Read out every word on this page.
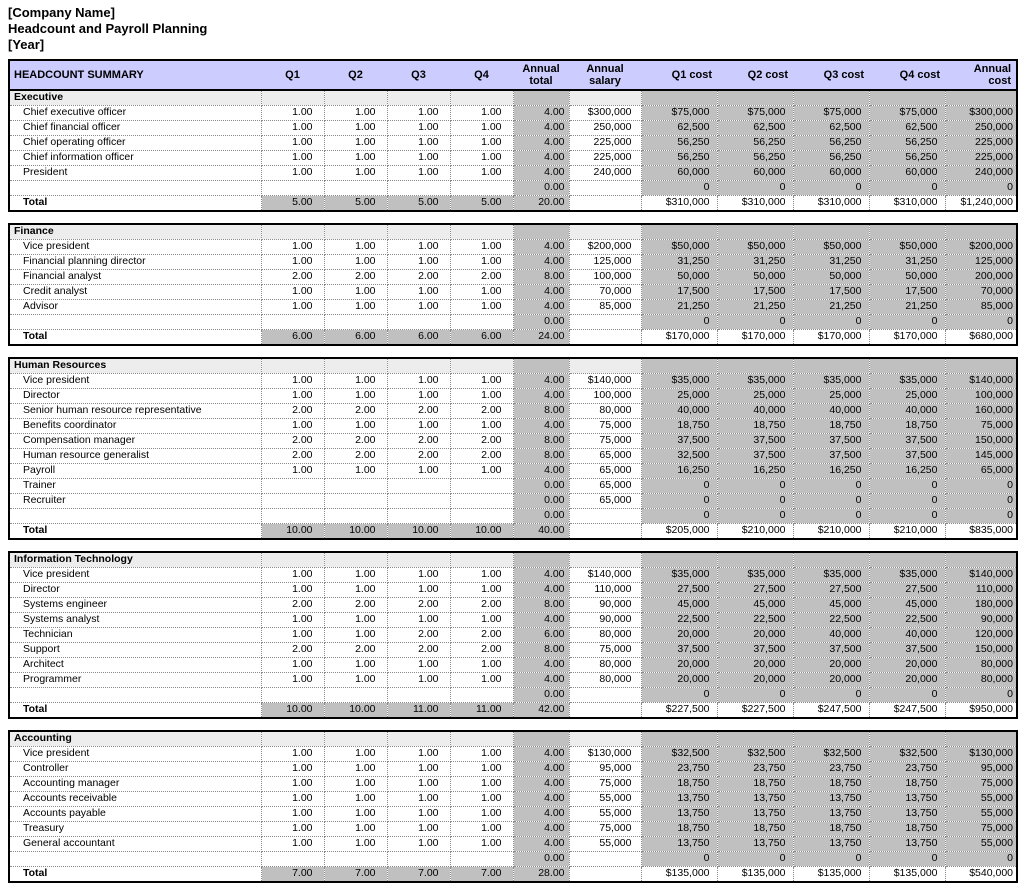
[Company Name]
Headcount and Payroll Planning
[Year]
HEADCOUNT SUMMARY	Q1	Q2	Q3	Q4	Annual total	Annual salary	Q1 cost	Q2 cost	Q3 cost	Q4 cost	Annual cost
Executive											
Chief executive officer	1.00	1.00	1.00	1.00	4.00	$300,000	$75,000	$75,000	$75,000	$75,000	$300,000
Chief financial officer	1.00	1.00	1.00	1.00	4.00	250,000	62,500	62,500	62,500	62,500	250,000
Chief operating officer	1.00	1.00	1.00	1.00	4.00	225,000	56,250	56,250	56,250	56,250	225,000
Chief information officer	1.00	1.00	1.00	1.00	4.00	225,000	56,250	56,250	56,250	56,250	225,000
President	1.00	1.00	1.00	1.00	4.00	240,000	60,000	60,000	60,000	60,000	240,000
					0.00		0	0	0	0	0
Total	5.00	5.00	5.00	5.00	20.00		$310,000	$310,000	$310,000	$310,000	$1,240,000

Finance											
Vice president	1.00	1.00	1.00	1.00	4.00	$200,000	$50,000	$50,000	$50,000	$50,000	$200,000
Financial planning director	1.00	1.00	1.00	1.00	4.00	125,000	31,250	31,250	31,250	31,250	125,000
Financial analyst	2.00	2.00	2.00	2.00	8.00	100,000	50,000	50,000	50,000	50,000	200,000
Credit analyst	1.00	1.00	1.00	1.00	4.00	70,000	17,500	17,500	17,500	17,500	70,000
Advisor	1.00	1.00	1.00	1.00	4.00	85,000	21,250	21,250	21,250	21,250	85,000
					0.00		0	0	0	0	0
Total	6.00	6.00	6.00	6.00	24.00		$170,000	$170,000	$170,000	$170,000	$680,000

Human Resources											
Vice president	1.00	1.00	1.00	1.00	4.00	$140,000	$35,000	$35,000	$35,000	$35,000	$140,000
Director	1.00	1.00	1.00	1.00	4.00	100,000	25,000	25,000	25,000	25,000	100,000
Senior human resource representative	2.00	2.00	2.00	2.00	8.00	80,000	40,000	40,000	40,000	40,000	160,000
Benefits coordinator	1.00	1.00	1.00	1.00	4.00	75,000	18,750	18,750	18,750	18,750	75,000
Compensation manager	2.00	2.00	2.00	2.00	8.00	75,000	37,500	37,500	37,500	37,500	150,000
Human resource generalist	2.00	2.00	2.00	2.00	8.00	65,000	32,500	37,500	37,500	37,500	145,000
Payroll	1.00	1.00	1.00	1.00	4.00	65,000	16,250	16,250	16,250	16,250	65,000
Trainer					0.00	65,000	0	0	0	0	0
Recruiter					0.00	65,000	0	0	0	0	0
					0.00		0	0	0	0	0
Total	10.00	10.00	10.00	10.00	40.00		$205,000	$210,000	$210,000	$210,000	$835,000

Information Technology											
Vice president	1.00	1.00	1.00	1.00	4.00	$140,000	$35,000	$35,000	$35,000	$35,000	$140,000
Director	1.00	1.00	1.00	1.00	4.00	110,000	27,500	27,500	27,500	27,500	110,000
Systems engineer	2.00	2.00	2.00	2.00	8.00	90,000	45,000	45,000	45,000	45,000	180,000
Systems analyst	1.00	1.00	1.00	1.00	4.00	90,000	22,500	22,500	22,500	22,500	90,000
Technician	1.00	1.00	2.00	2.00	6.00	80,000	20,000	20,000	40,000	40,000	120,000
Support	2.00	2.00	2.00	2.00	8.00	75,000	37,500	37,500	37,500	37,500	150,000
Architect	1.00	1.00	1.00	1.00	4.00	80,000	20,000	20,000	20,000	20,000	80,000
Programmer	1.00	1.00	1.00	1.00	4.00	80,000	20,000	20,000	20,000	20,000	80,000
					0.00		0	0	0	0	0
Total	10.00	10.00	11.00	11.00	42.00		$227,500	$227,500	$247,500	$247,500	$950,000

Accounting											
Vice president	1.00	1.00	1.00	1.00	4.00	$130,000	$32,500	$32,500	$32,500	$32,500	$130,000
Controller	1.00	1.00	1.00	1.00	4.00	95,000	23,750	23,750	23,750	23,750	95,000
Accounting manager	1.00	1.00	1.00	1.00	4.00	75,000	18,750	18,750	18,750	18,750	75,000
Accounts receivable	1.00	1.00	1.00	1.00	4.00	55,000	13,750	13,750	13,750	13,750	55,000
Accounts payable	1.00	1.00	1.00	1.00	4.00	55,000	13,750	13,750	13,750	13,750	55,000
Treasury	1.00	1.00	1.00	1.00	4.00	75,000	18,750	18,750	18,750	18,750	75,000
General accountant	1.00	1.00	1.00	1.00	4.00	55,000	13,750	13,750	13,750	13,750	55,000
					0.00		0	0	0	0	0
Total	7.00	7.00	7.00	7.00	28.00		$135,000	$135,000	$135,000	$135,000	$540,000
